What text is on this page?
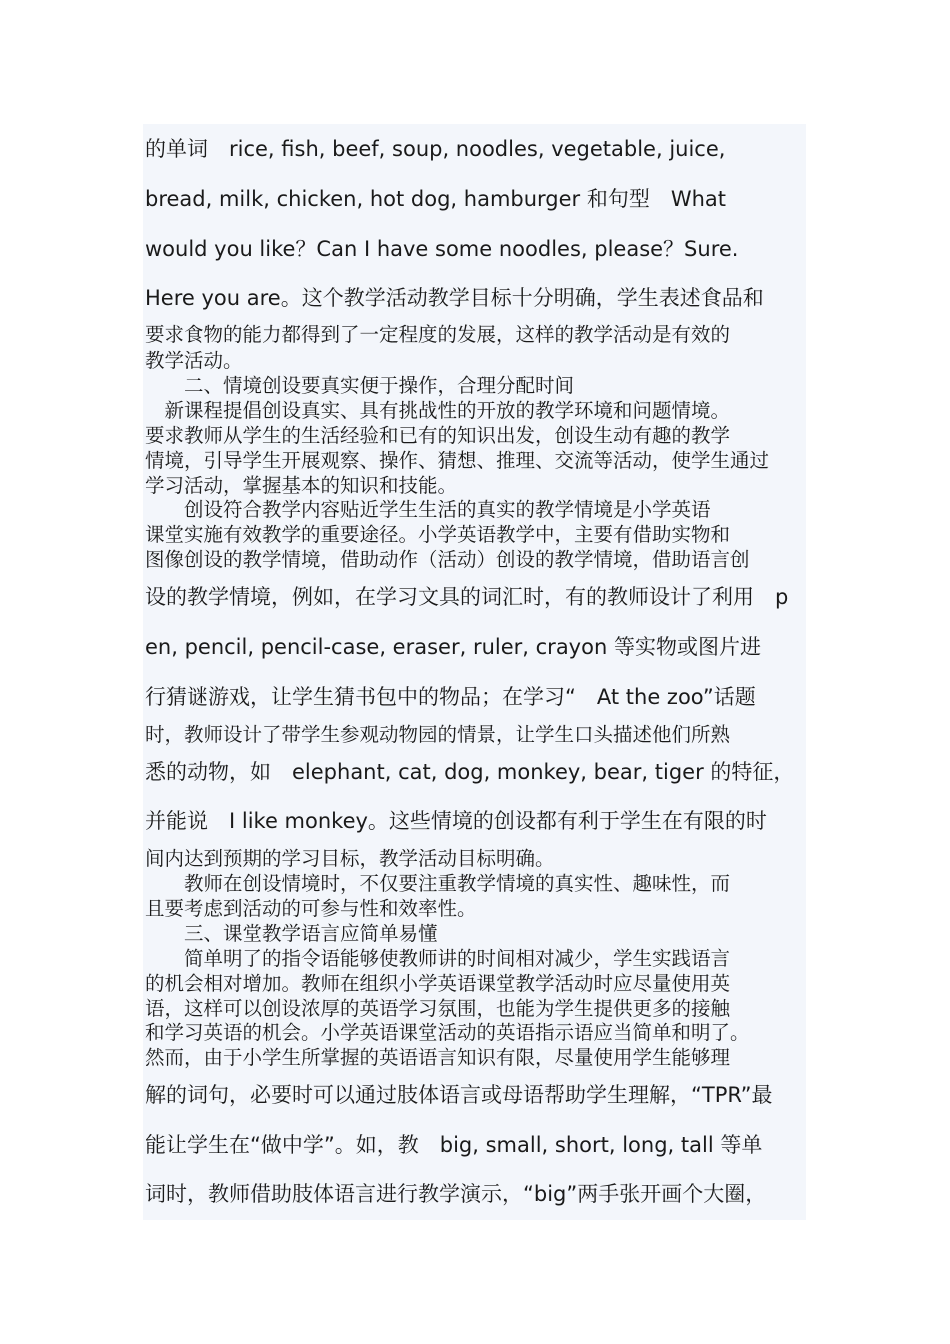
的单词　rice, fish, beef, soup, noodles, vegetable, juice,
bread, milk, chicken, hot dog, hamburger 和句型　What
would you like？Can I have some noodles, please？Sure.
Here you are。这个教学活动教学目标十分明确，学生表述食品和
要求食物的能力都得到了一定程度的发展，这样的教学活动是有效的
教学活动。
　　二、情境创设要真实便于操作，合理分配时间
　新课程提倡创设真实、具有挑战性的开放的教学环境和问题情境。
要求教师从学生的生活经验和已有的知识出发，创设生动有趣的教学
情境，引导学生开展观察、操作、猜想、推理、交流等活动，使学生通过
学习活动，掌握基本的知识和技能。
　　创设符合教学内容贴近学生生活的真实的教学情境是小学英语
课堂实施有效教学的重要途径。小学英语教学中，主要有借助实物和
图像创设的教学情境，借助动作（活动）创设的教学情境，借助语言创
设的教学情境，例如，在学习文具的词汇时，有的教师设计了利用　p
en, pencil, pencil-case, eraser, ruler, crayon 等实物或图片进
行猜谜游戏，让学生猜书包中的物品；在学习“　At the zoo”话题
时，教师设计了带学生参观动物园的情景，让学生口头描述他们所熟
悉的动物，如　elephant, cat, dog, monkey, bear, tiger 的特征，
并能说　I like monkey。这些情境的创设都有利于学生在有限的时
间内达到预期的学习目标，教学活动目标明确。
　　教师在创设情境时，不仅要注重教学情境的真实性、趣味性，而
且要考虑到活动的可参与性和效率性。
　　三、课堂教学语言应简单易懂
　　简单明了的指令语能够使教师讲的时间相对减少，学生实践语言
的机会相对增加。教师在组织小学英语课堂教学活动时应尽量使用英
语，这样可以创设浓厚的英语学习氛围，也能为学生提供更多的接触
和学习英语的机会。小学英语课堂活动的英语指示语应当简单和明了。
然而，由于小学生所掌握的英语语言知识有限，尽量使用学生能够理
解的词句，必要时可以通过肢体语言或母语帮助学生理解，“TPR”最
能让学生在“做中学”。如，教　big, small, short, long, tall 等单
词时，教师借助肢体语言进行教学演示，“big”两手张开画个大圈，
